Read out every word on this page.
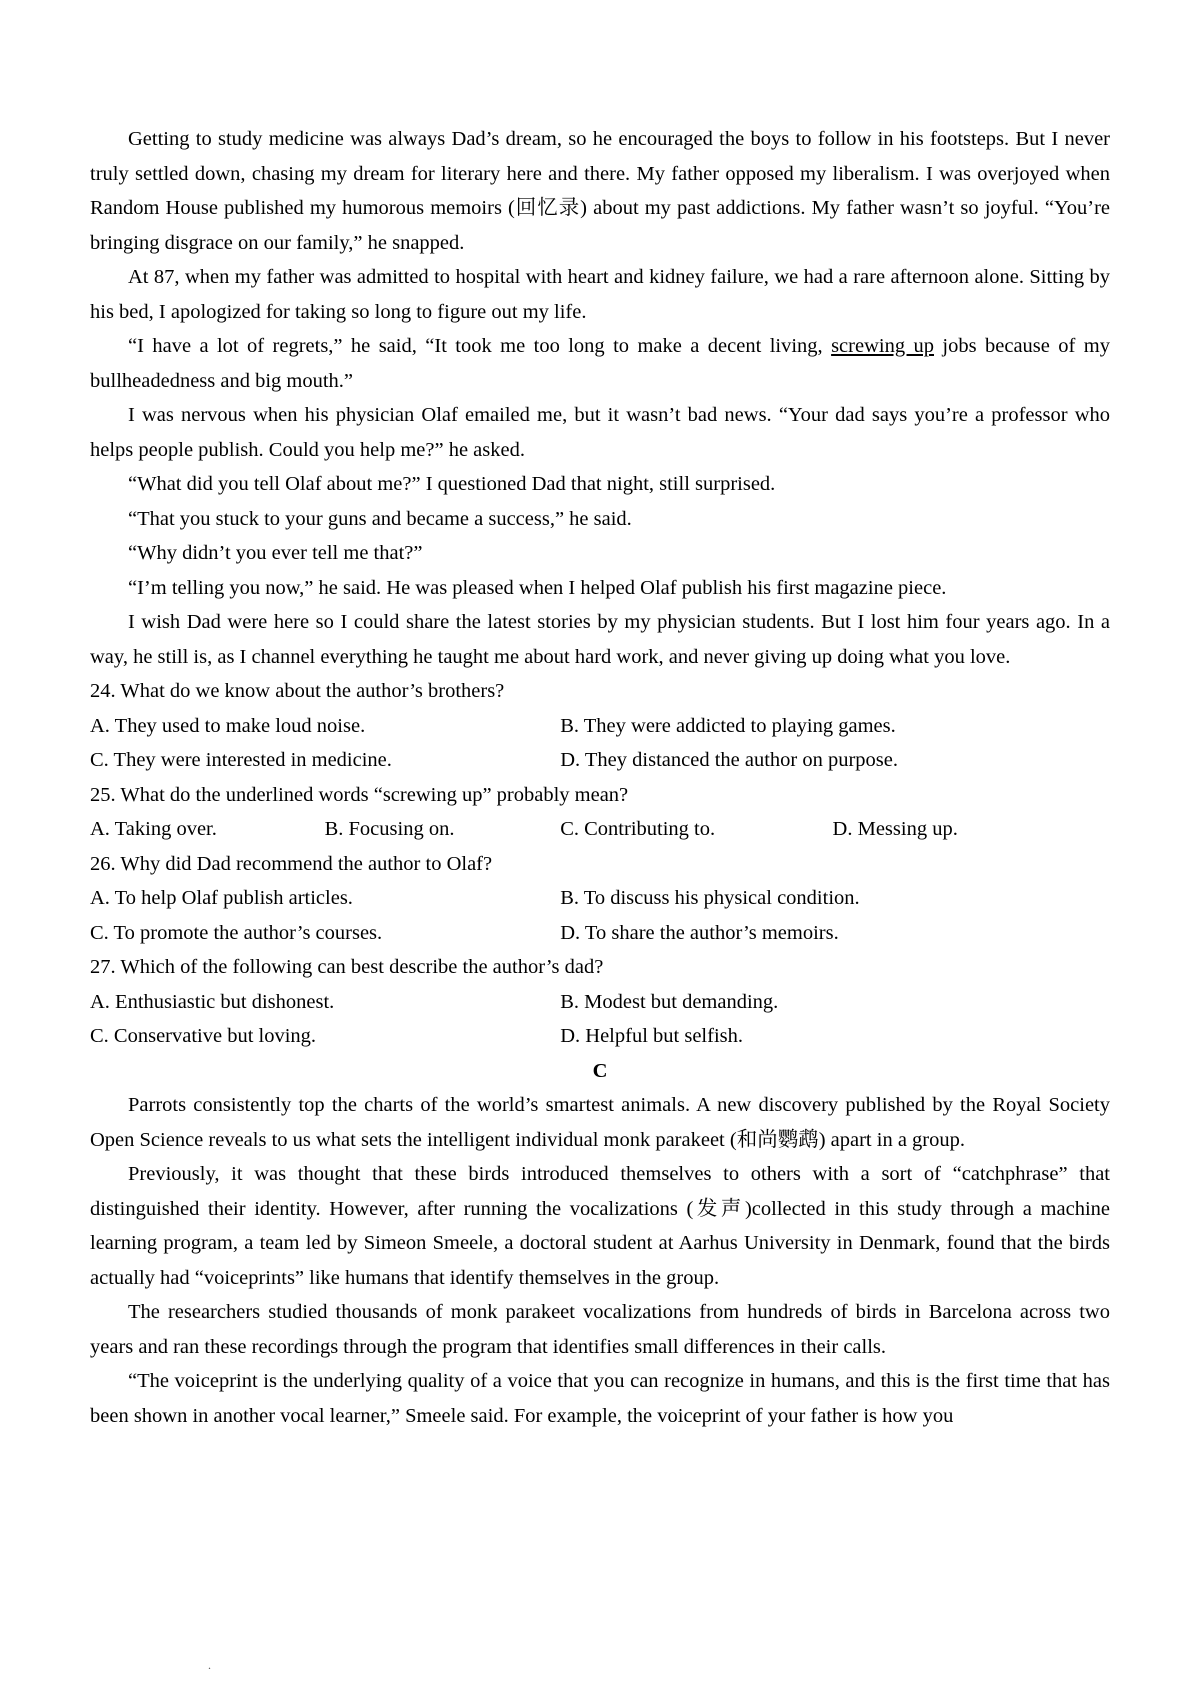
Getting to study medicine was always Dad’s dream, so he encouraged the boys to follow in his footsteps. But I never truly settled down, chasing my dream for literary here and there. My father opposed my liberalism. I was overjoyed when Random House published my humorous memoirs (回忆录) about my past addictions. My father wasn’t so joyful. “You’re bringing disgrace on our family,” he snapped.

At 87, when my father was admitted to hospital with heart and kidney failure, we had a rare afternoon alone. Sitting by his bed, I apologized for taking so long to figure out my life.

“I have a lot of regrets,” he said, “It took me too long to make a decent living, screwing up jobs because of my bullheadedness and big mouth.”

I was nervous when his physician Olaf emailed me, but it wasn’t bad news. “Your dad says you’re a professor who helps people publish. Could you help me?” he asked.

“What did you tell Olaf about me?” I questioned Dad that night, still surprised.

“That you stuck to your guns and became a success,” he said.

“Why didn’t you ever tell me that?”

“I’m telling you now,” he said. He was pleased when I helped Olaf publish his first magazine piece.

I wish Dad were here so I could share the latest stories by my physician students. But I lost him four years ago. In a way, he still is, as I channel everything he taught me about hard work, and never giving up doing what you love.

24. What do we know about the author’s brothers?

A. They used to make loud noise.	B. They were addicted to playing games.
C. They were interested in medicine.	D. They distanced the author on purpose.

25. What do the underlined words “screwing up” probably mean?

A. Taking over.	B. Focusing on.	C. Contributing to.	D. Messing up.

26. Why did Dad recommend the author to Olaf?

A. To help Olaf publish articles.	B. To discuss his physical condition.
C. To promote the author’s courses.	D. To share the author’s memoirs.

27. Which of the following can best describe the author’s dad?

A. Enthusiastic but dishonest.	B. Modest but demanding.
C. Conservative but loving.	D. Helpful but selfish.

C

Parrots consistently top the charts of the world’s smartest animals. A new discovery published by the Royal Society Open Science reveals to us what sets the intelligent individual monk parakeet (和尚鹦鹉) apart in a group.

Previously, it was thought that these birds introduced themselves to others with a sort of “catchphrase” that distinguished their identity. However, after running the vocalizations (发声)collected in this study through a machine learning program, a team led by Simeon Smeele, a doctoral student at Aarhus University in Denmark, found that the birds actually had “voiceprints” like humans that identify themselves in the group.

The researchers studied thousands of monk parakeet vocalizations from hundreds of birds in Barcelona across two years and ran these recordings through the program that identifies small differences in their calls.

“The voiceprint is the underlying quality of a voice that you can recognize in humans, and this is the first time that has been shown in another vocal learner,” Smeele said. For example, the voiceprint of your father is how you

.
